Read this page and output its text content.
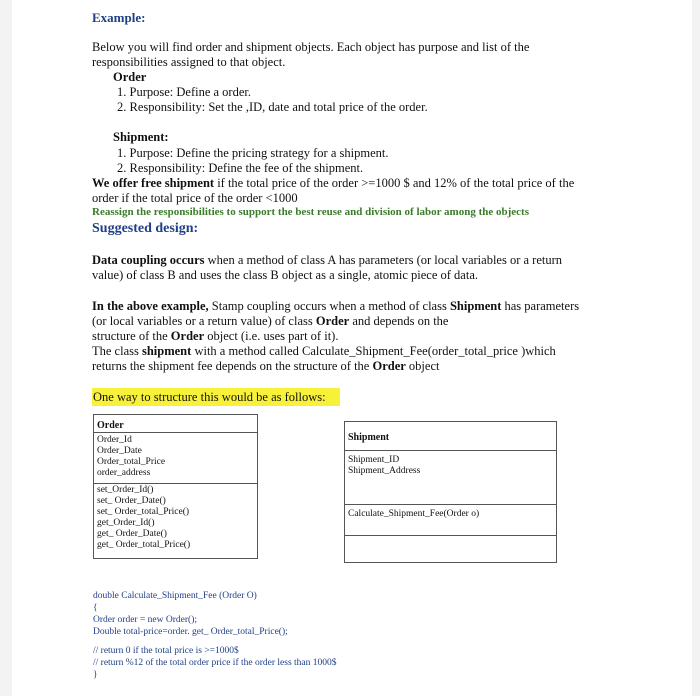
Example:
Below you will find order and shipment objects. Each object has purpose and list of the
responsibilities assigned to that object.
Order
1. Purpose: Define a order.
2. Responsibility: Set the ,ID, date and total price of the order.
Shipment:
1. Purpose: Define the pricing strategy for a shipment.
2. Responsibility: Define the fee of the shipment.
We offer free shipment if the total price of the order >=1000 $ and 12% of the total price of the
order if the total price of the order <1000
Reassign the responsibilities to support the best reuse and division of labor among the objects
Suggested design:
Data coupling occurs when a method of class A has parameters (or local variables or a return
value) of class B and uses the class B object as a single, atomic piece of data.
In the above example, Stamp coupling occurs when a method of class Shipment has parameters
(or local variables or a return value) of class Order and depends on the
structure of the Order object (i.e. uses part of it).
The class shipment with a method called Calculate_Shipment_Fee(order_total_price )which
returns the shipment fee depends on the structure of the Order object
One way to structure this would be as follows:
Order
Order_Id
Order_Date
Order_total_Price
order_address
set_Order_Id()
set_ Order_Date()
set_ Order_total_Price()
get_Order_Id()
get_ Order_Date()
get_ Order_total_Price()
Shipment
Shipment_ID
Shipment_Address
Calculate_Shipment_Fee(Order o)
double Calculate_Shipment_Fee (Order O)
{
Order order = new Order();
Double total-price=order. get_ Order_total_Price();
// return 0 if the total price is >=1000$
// return %12 of the total order price if the order less than 1000$
}
